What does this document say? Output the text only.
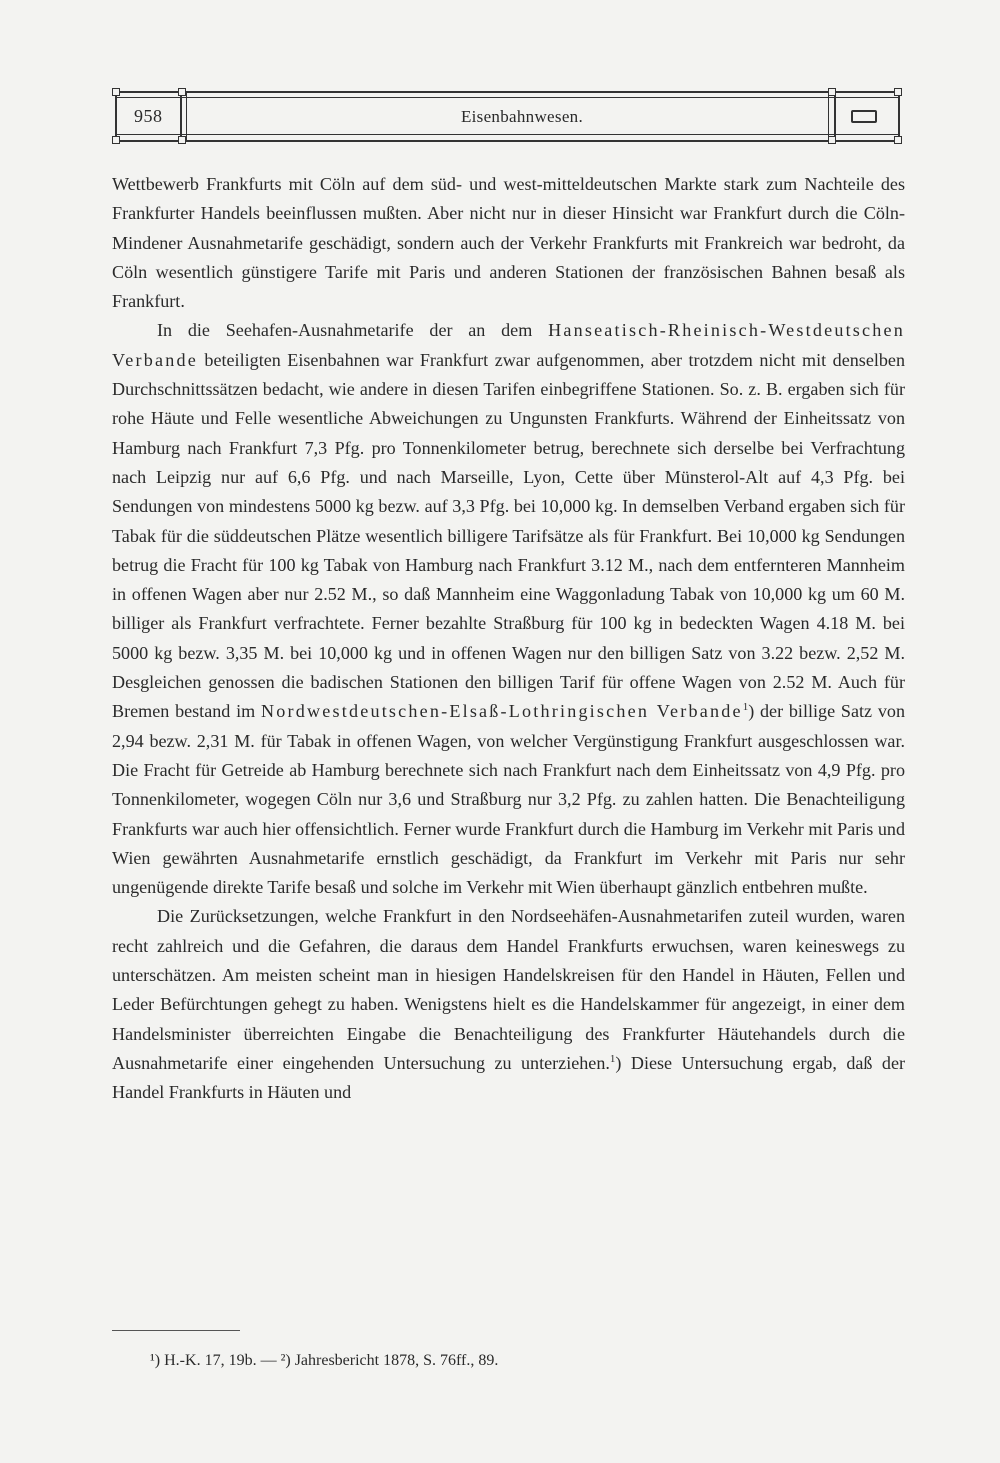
958	Eisenbahnwesen.

Wettbewerb Frankfurts mit Cöln auf dem süd- und west-mitteldeutschen Markte stark zum Nachteile des Frankfurter Handels beeinflussen mußten. Aber nicht nur in dieser Hinsicht war Frankfurt durch die Cöln-Mindener Ausnahmetarife geschädigt, sondern auch der Verkehr Frankfurts mit Frankreich war bedroht, da Cöln wesentlich günstigere Tarife mit Paris und anderen Stationen der französischen Bahnen besaß als Frankfurt.

In die Seehafen-Ausnahmetarife der an dem Hanseatisch-Rheinisch-Westdeutschen Verbande beteiligten Eisenbahnen war Frankfurt zwar aufgenommen, aber trotzdem nicht mit denselben Durchschnittssätzen bedacht, wie andere in diesen Tarifen einbegriffene Stationen. So. z. B. ergaben sich für rohe Häute und Felle wesentliche Abweichungen zu Ungunsten Frankfurts. Während der Einheitssatz von Hamburg nach Frankfurt 7,3 Pfg. pro Tonnenkilometer betrug, berechnete sich derselbe bei Verfrachtung nach Leipzig nur auf 6,6 Pfg. und nach Marseille, Lyon, Cette über Münsterol-Alt auf 4,3 Pfg. bei Sendungen von mindestens 5000 kg bezw. auf 3,3 Pfg. bei 10,000 kg. In demselben Verband ergaben sich für Tabak für die süddeutschen Plätze wesentlich billigere Tarifsätze als für Frankfurt. Bei 10,000 kg Sendungen betrug die Fracht für 100 kg Tabak von Hamburg nach Frankfurt 3.12 M., nach dem entfernteren Mannheim in offenen Wagen aber nur 2.52 M., so daß Mannheim eine Waggonladung Tabak von 10,000 kg um 60 M. billiger als Frankfurt verfrachtete. Ferner bezahlte Straßburg für 100 kg in bedeckten Wagen 4.18 M. bei 5000 kg bezw. 3,35 M. bei 10,000 kg und in offenen Wagen nur den billigen Satz von 3.22 bezw. 2,52 M. Desgleichen genossen die badischen Stationen den billigen Tarif für offene Wagen von 2.52 M. Auch für Bremen bestand im Nordwestdeutschen-Elsaß-Lothringischen Verbande$^1$) der billige Satz von 2,94 bezw. 2,31 M. für Tabak in offenen Wagen, von welcher Vergünstigung Frankfurt ausgeschlossen war. Die Fracht für Getreide ab Hamburg berechnete sich nach Frankfurt nach dem Einheitssatz von 4,9 Pfg. pro Tonnenkilometer, wogegen Cöln nur 3,6 und Straßburg nur 3,2 Pfg. zu zahlen hatten. Die Benachteiligung Frankfurts war auch hier offensichtlich. Ferner wurde Frankfurt durch die Hamburg im Verkehr mit Paris und Wien gewährten Ausnahmetarife ernstlich geschädigt, da Frankfurt im Verkehr mit Paris nur sehr ungenügende direkte Tarife besaß und solche im Verkehr mit Wien überhaupt gänzlich entbehren mußte.

Die Zurücksetzungen, welche Frankfurt in den Nordseehäfen-Ausnahmetarifen zuteil wurden, waren recht zahlreich und die Gefahren, die daraus dem Handel Frankfurts erwuchsen, waren keineswegs zu unterschätzen. Am meisten scheint man in hiesigen Handelskreisen für den Handel in Häuten, Fellen und Leder Befürchtungen gehegt zu haben. Wenigstens hielt es die Handelskammer für angezeigt, in einer dem Handelsminister überreichten Eingabe die Benachteiligung des Frankfurter Häutehandels durch die Ausnahmetarife einer eingehenden Untersuchung zu unterziehen.$^1$) Diese Untersuchung ergab, daß der Handel Frankfurts in Häuten und

¹) H.-K. 17, 19b. — ²) Jahresbericht 1878, S. 76ff., 89.
